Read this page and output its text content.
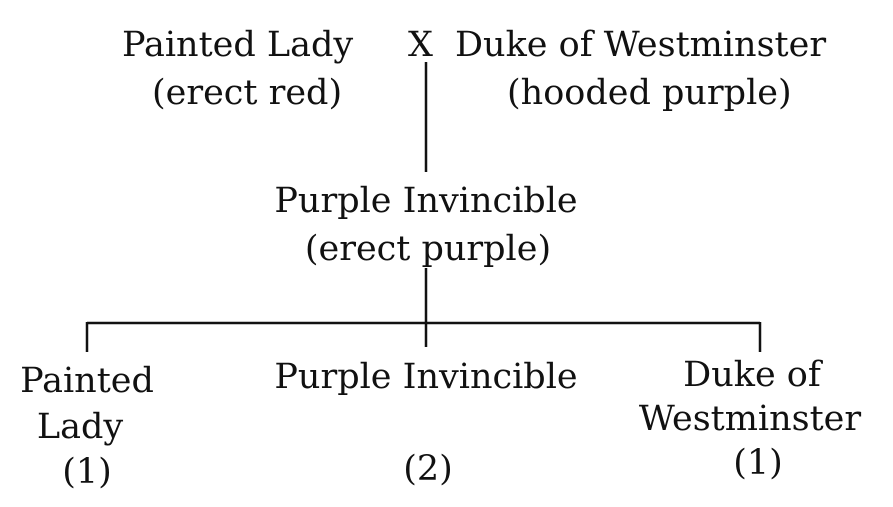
Painted Lady X Duke of Westminster
(erect red)	(hooded purple)
Purple Invincible
(erect purple)
Painted
Lady
(1)
Purple Invincible
(2)
Duke of
Westminster
(1)
